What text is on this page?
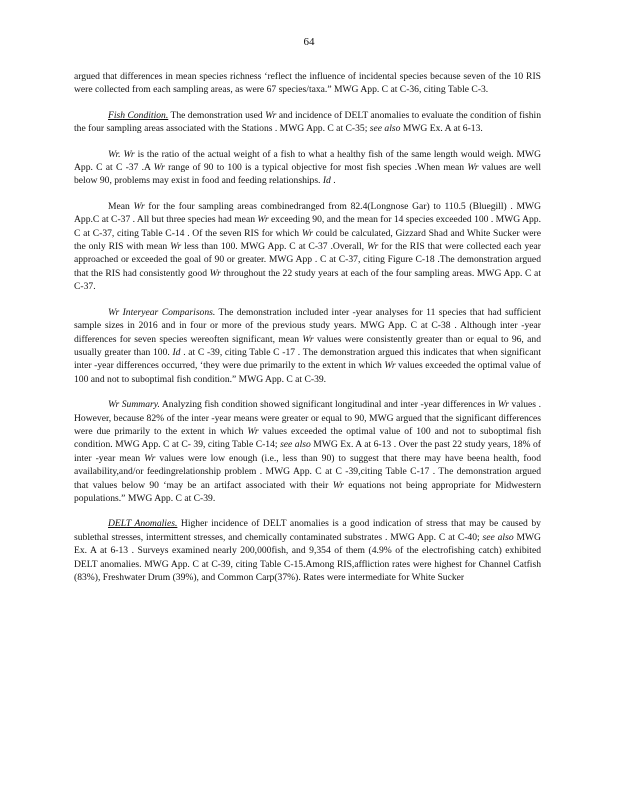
64

argued that differences in mean species richness ‘reflect the influence of incidental species because seven of the 10 RIS were collected from each sampling areas, as were 67 species/taxa.” MWG App. C at C-36, citing Table C-3.

Fish Condition. The demonstration used Wr and incidence of DELT anomalies to evaluate the condition of fishin the four sampling areas associated with the Stations . MWG App. C at C-35; see also MWG Ex. A at 6-13.

Wr. Wr is the ratio of the actual weight of a fish to what a healthy fish of the same length would weigh. MWG App. C at C -37 .A Wr range of 90 to 100 is a typical objective for most fish species .When mean Wr values are well below 90, problems may exist in food and feeding relationships. Id .

Mean Wr for the four sampling areas combinedranged from 82.4(Longnose Gar) to 110.5 (Bluegill) . MWG App.C at C-37 . All but three species had mean Wr exceeding 90, and the mean for 14 species exceeded 100 . MWG App. C at C-37, citing Table C-14 . Of the seven RIS for which Wr could be calculated, Gizzard Shad and White Sucker were the only RIS with mean Wr less than 100. MWG App. C at C-37 .Overall, Wr for the RIS that were collected each year approached or exceeded the goal of 90 or greater. MWG App . C at C-37, citing Figure C-18 .The demonstration argued that the RIS had consistently good Wr throughout the 22 study years at each of the four sampling areas. MWG App. C at C-37.

Wr Interyear Comparisons. The demonstration included inter -year analyses for 11 species that had sufficient sample sizes in 2016 and in four or more of the previous study years. MWG App. C at C-38 . Although inter -year differences for seven species wereoften significant, mean Wr values were consistently greater than or equal to 96, and usually greater than 100. Id . at C -39, citing Table C -17 . The demonstration argued this indicates that when significant inter -year differences occurred, ‘they were due primarily to the extent in which Wr values exceeded the optimal value of 100 and not to suboptimal fish condition.” MWG App. C at C-39.

Wr Summary. Analyzing fish condition showed significant longitudinal and inter -year differences in Wr values . However, because 82% of the inter -year means were greater or equal to 90, MWG argued that the significant differences were due primarily to the extent in which Wr values exceeded the optimal value of 100 and not to suboptimal fish condition. MWG App. C at C- 39, citing Table C-14; see also MWG Ex. A at 6-13 . Over the past 22 study years, 18% of inter -year mean Wr values were low enough (i.e., less than 90) to suggest that there may have beena health, food availability,and/or feedingrelationship problem . MWG App. C at C -39,citing Table C-17 . The demonstration argued that values below 90 ‘may be an artifact associated with their Wr equations not being appropriate for Midwestern populations.” MWG App. C at C-39.

DELT Anomalies. Higher incidence of DELT anomalies is a good indication of stress that may be caused by sublethal stresses, intermittent stresses, and chemically contaminated substrates . MWG App. C at C-40; see also MWG Ex. A at 6-13 . Surveys examined nearly 200,000fish, and 9,354 of them (4.9% of the electrofishing catch) exhibited DELT anomalies. MWG App. C at C-39, citing Table C-15.Among RIS,affliction rates were highest for Channel Catfish (83%), Freshwater Drum (39%), and Common Carp(37%). Rates were intermediate for White Sucker
